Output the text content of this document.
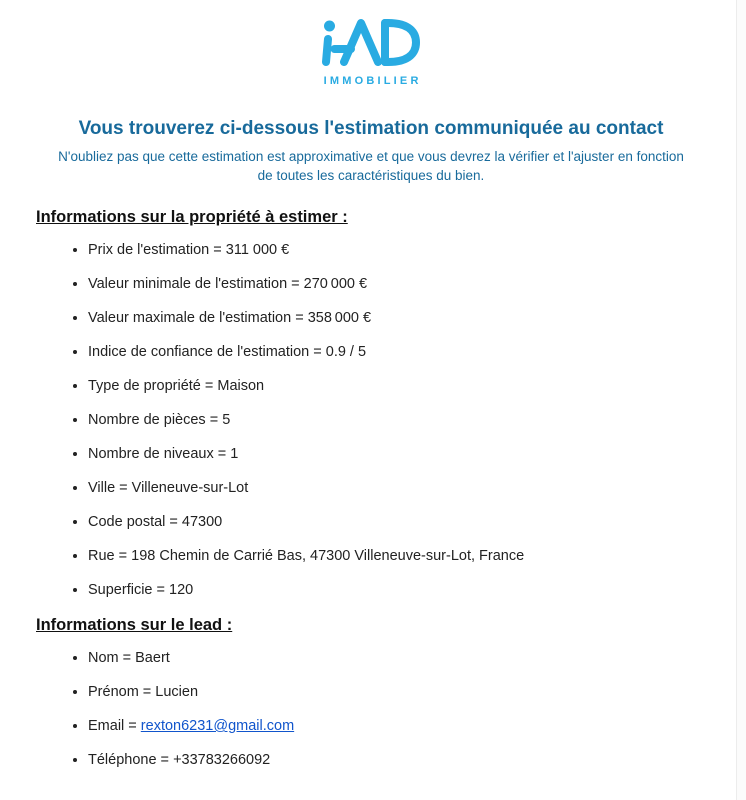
IMMOBILIER
Vous trouverez ci-dessous l'estimation communiquée au contact
N'oubliez pas que cette estimation est approximative et que vous devrez la vérifier et l'ajuster en fonction de toutes les caractéristiques du bien.
Informations sur la propriété à estimer :
• Prix de l'estimation = 311 000 €
• Valeur minimale de l'estimation = 270 000 €
• Valeur maximale de l'estimation = 358 000 €
• Indice de confiance de l'estimation = 0.9 / 5
• Type de propriété = Maison
• Nombre de pièces = 5
• Nombre de niveaux = 1
• Ville = Villeneuve-sur-Lot
• Code postal = 47300
• Rue = 198 Chemin de Carrié Bas, 47300 Villeneuve-sur-Lot, France
• Superficie = 120
Informations sur le lead :
• Nom = Baert
• Prénom = Lucien
• Email = rexton6231@gmail.com
• Téléphone = +33783266092
